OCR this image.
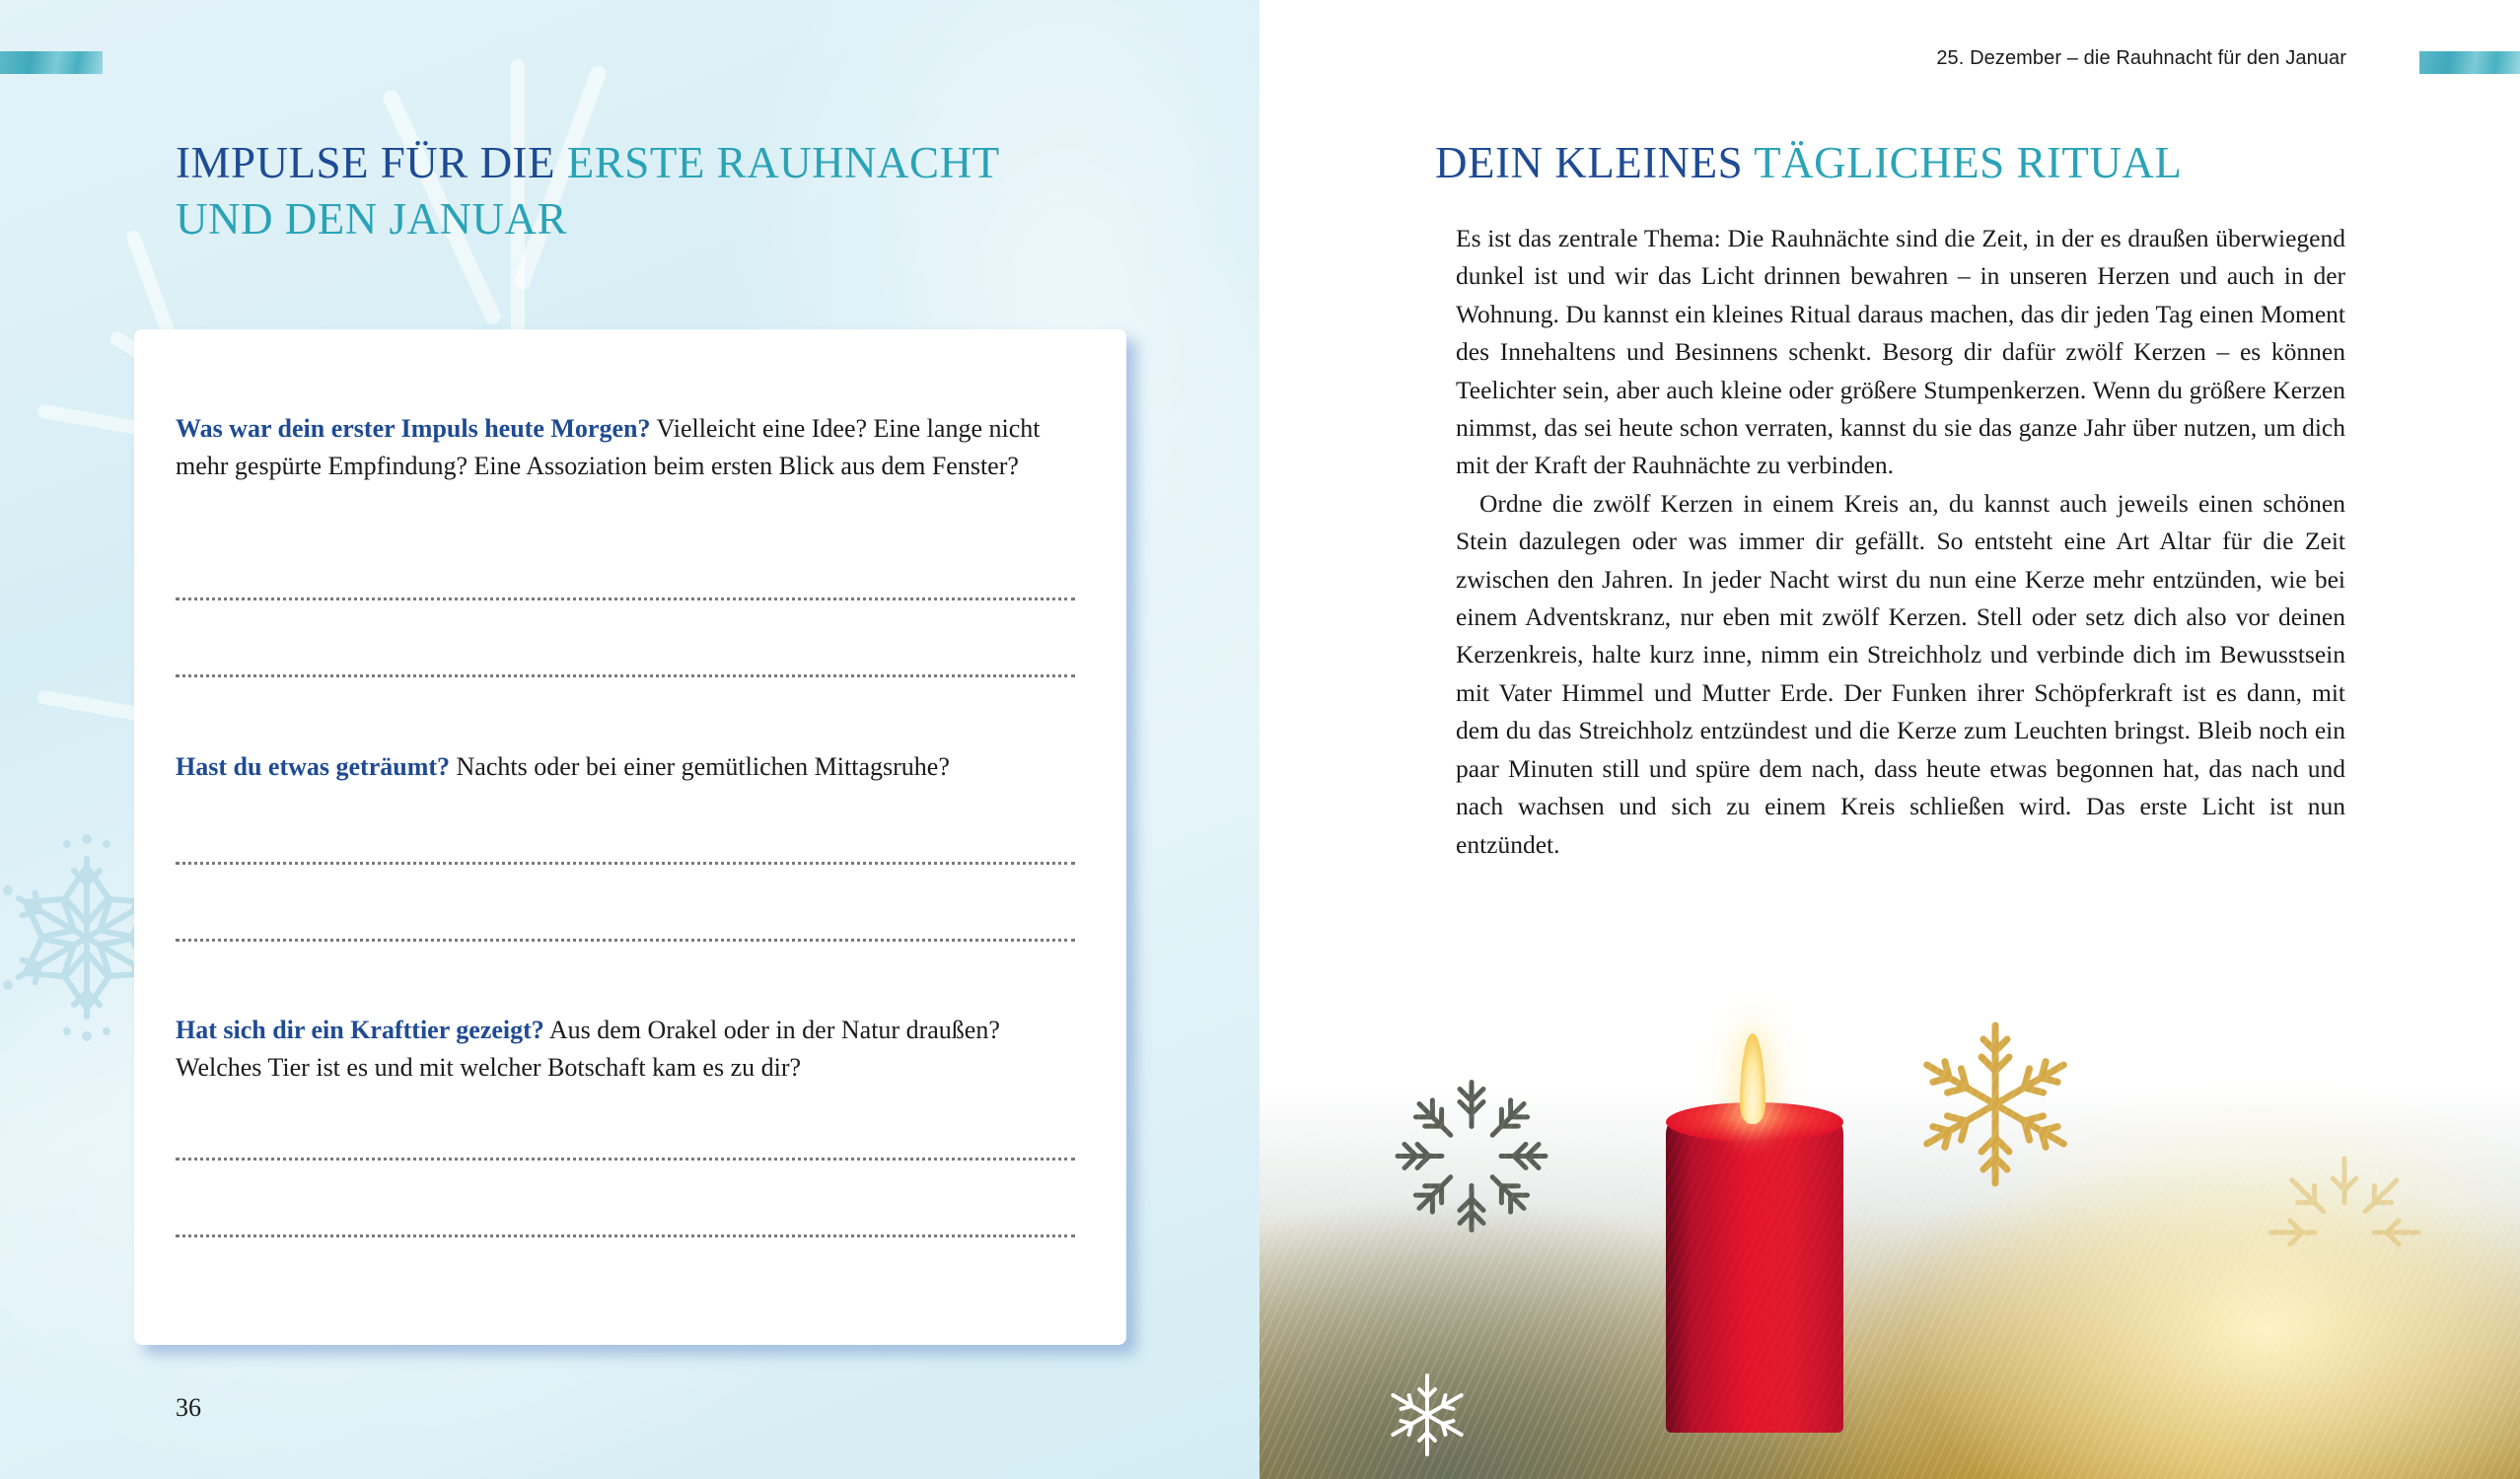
IMPULSE FÜR DIE ERSTE RAUHNACHT
UND DEN JANUAR
Was war dein erster Impuls heute Morgen? Vielleicht eine Idee? Eine lange nicht mehr gespürte Empfindung? Eine Assoziation beim ersten Blick aus dem Fenster?
Hast du etwas geträumt? Nachts oder bei einer gemütlichen Mittagsruhe?
Hat sich dir ein Krafttier gezeigt? Aus dem Orakel oder in der Natur draußen? Welches Tier ist es und mit welcher Botschaft kam es zu dir?
36
25. Dezember – die Rauhnacht für den Januar
DEIN KLEINES TÄGLICHES RITUAL

Es ist das zentrale Thema: Die Rauhnächte sind die Zeit, in der es draußen überwiegend dunkel ist und wir das Licht drinnen bewahren – in unseren Herzen und auch in der Wohnung. Du kannst ein kleines Ritual daraus machen, das dir jeden Tag einen Moment des Innehaltens und Besinnens schenkt. Besorg dir dafür zwölf Kerzen – es können Teelichter sein, aber auch kleine oder größere Stumpenkerzen. Wenn du größere Kerzen nimmst, das sei heute schon verraten, kannst du sie das ganze Jahr über nutzen, um dich mit der Kraft der Rauhnächte zu verbinden.

Ordne die zwölf Kerzen in einem Kreis an, du kannst auch jeweils einen schönen Stein dazulegen oder was immer dir gefällt. So entsteht eine Art Altar für die Zeit zwischen den Jahren. In jeder Nacht wirst du nun eine Kerze mehr entzünden, wie bei einem Adventskranz, nur eben mit zwölf Kerzen. Stell oder setz dich also vor deinen Kerzenkreis, halte kurz inne, nimm ein Streichholz und verbinde dich im Bewusstsein mit Vater Himmel und Mutter Erde. Der Funken ihrer Schöpferkraft ist es dann, mit dem du das Streichholz entzündest und die Kerze zum Leuchten bringst. Bleib noch ein paar Minuten still und spüre dem nach, dass heute etwas begonnen hat, das nach und nach wachsen und sich zu einem Kreis schließen wird. Das erste Licht ist nun entzündet.
